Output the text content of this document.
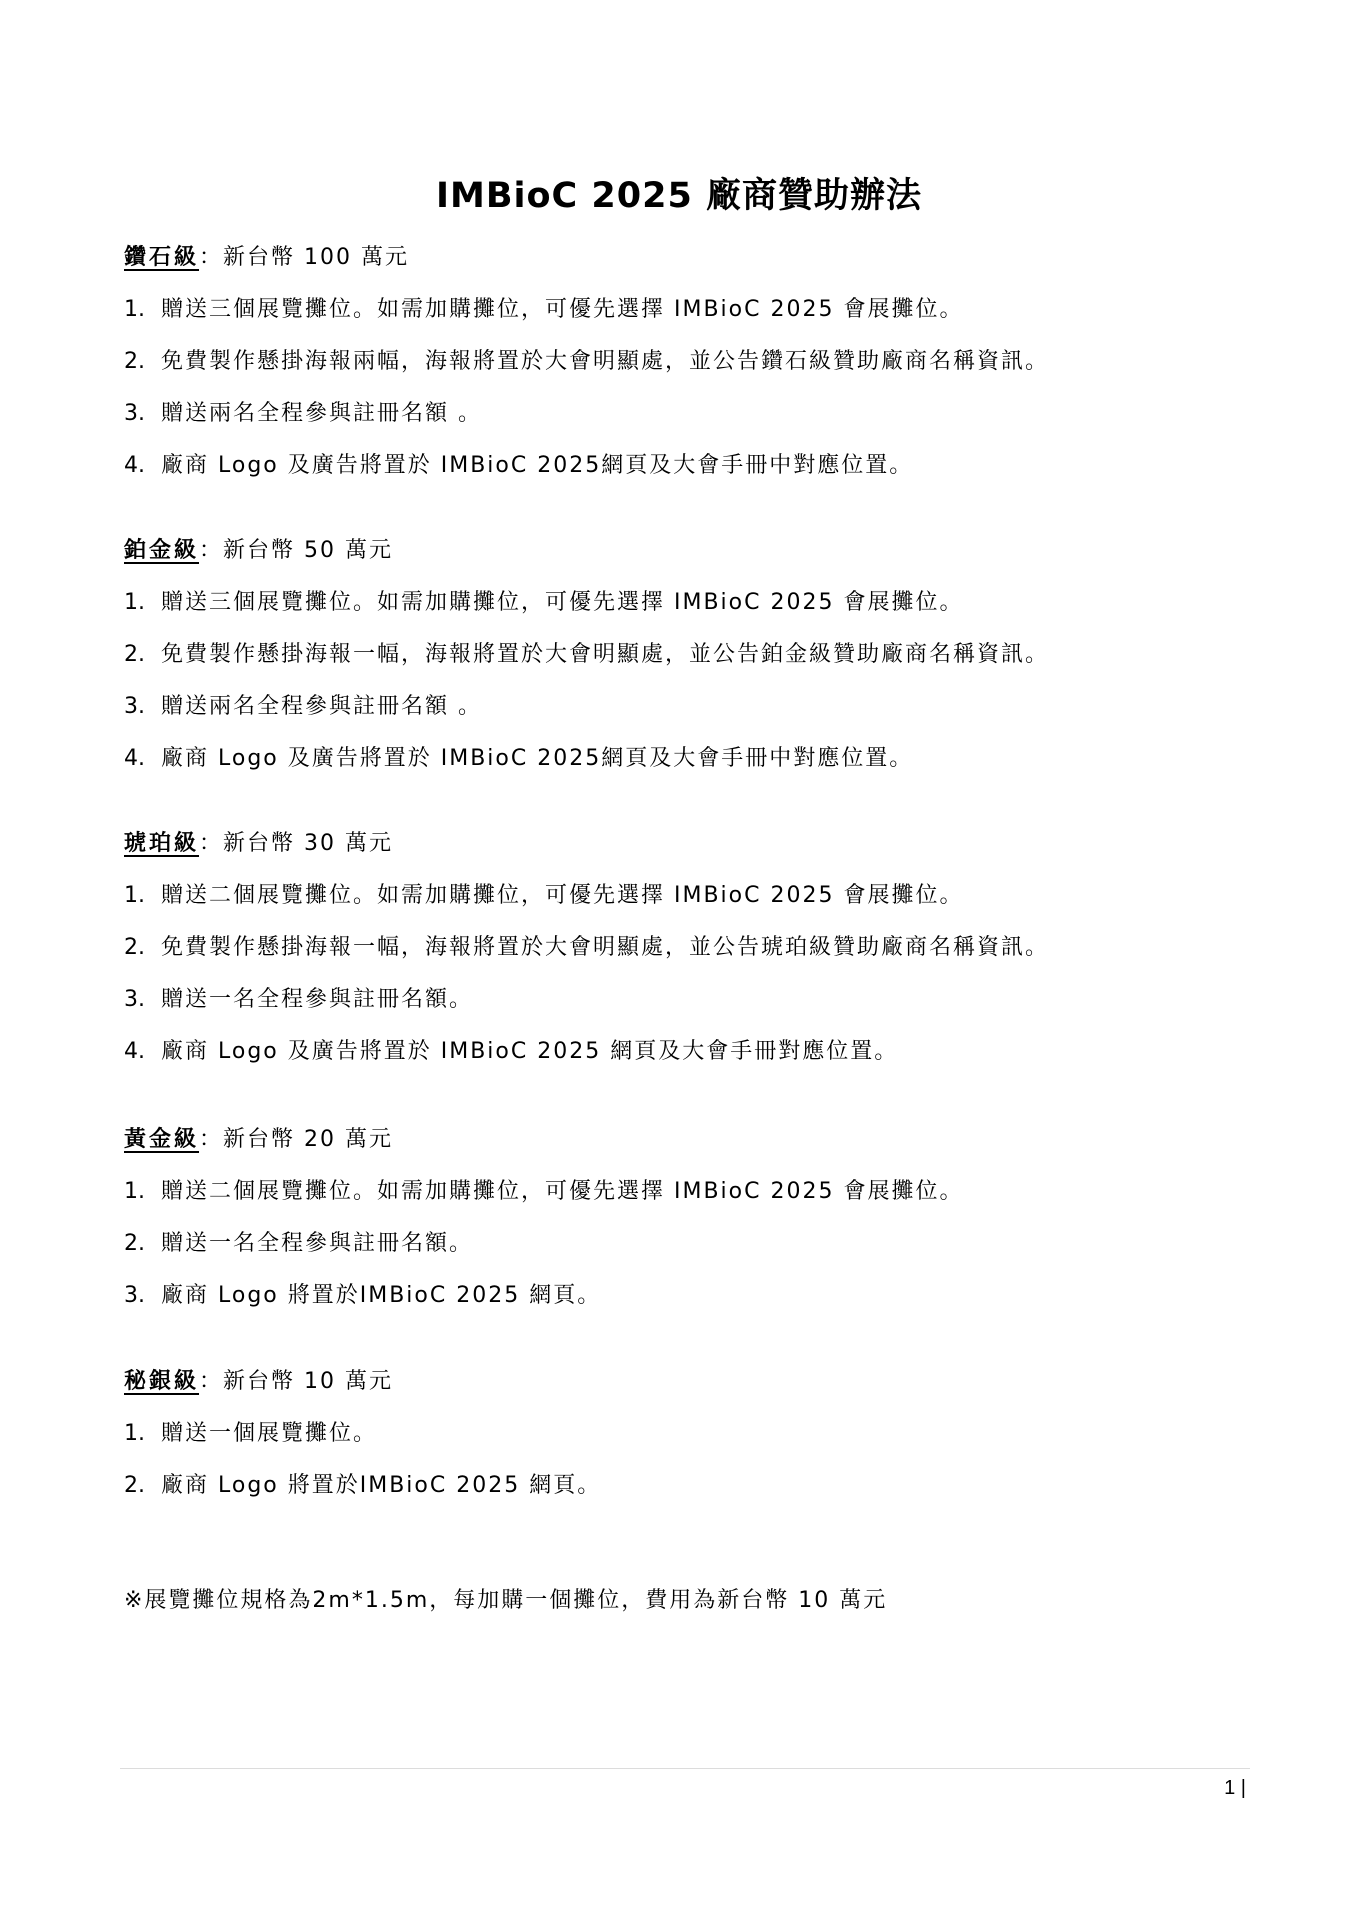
IMBioC 2025 廠商贊助辦法

鑽石級：新台幣 100 萬元

1. 贈送三個展覽攤位。如需加購攤位，可優先選擇 IMBioC 2025 會展攤位。
2. 免費製作懸掛海報兩幅，海報將置於大會明顯處，並公告鑽石級贊助廠商名稱資訊。
3. 贈送兩名全程參與註冊名額 。
4. 廠商 Logo 及廣告將置於 IMBioC 2025網頁及大會手冊中對應位置。

鉑金級：新台幣 50 萬元

1. 贈送三個展覽攤位。如需加購攤位，可優先選擇 IMBioC 2025 會展攤位。
2. 免費製作懸掛海報一幅，海報將置於大會明顯處，並公告鉑金級贊助廠商名稱資訊。
3. 贈送兩名全程參與註冊名額 。
4. 廠商 Logo 及廣告將置於 IMBioC 2025網頁及大會手冊中對應位置。

琥珀級：新台幣 30 萬元

1. 贈送二個展覽攤位。如需加購攤位，可優先選擇 IMBioC 2025 會展攤位。
2. 免費製作懸掛海報一幅，海報將置於大會明顯處，並公告琥珀級贊助廠商名稱資訊。
3. 贈送一名全程參與註冊名額。
4. 廠商 Logo 及廣告將置於 IMBioC 2025 網頁及大會手冊對應位置。

黃金級：新台幣 20 萬元

1. 贈送二個展覽攤位。如需加購攤位，可優先選擇 IMBioC 2025 會展攤位。
2. 贈送一名全程參與註冊名額。
3. 廠商 Logo 將置於IMBioC 2025 網頁。

秘銀級：新台幣 10 萬元

1. 贈送一個展覽攤位。
2. 廠商 Logo 將置於IMBioC 2025 網頁。

※展覽攤位規格為2m*1.5m，每加購一個攤位，費用為新台幣 10 萬元

1 |
